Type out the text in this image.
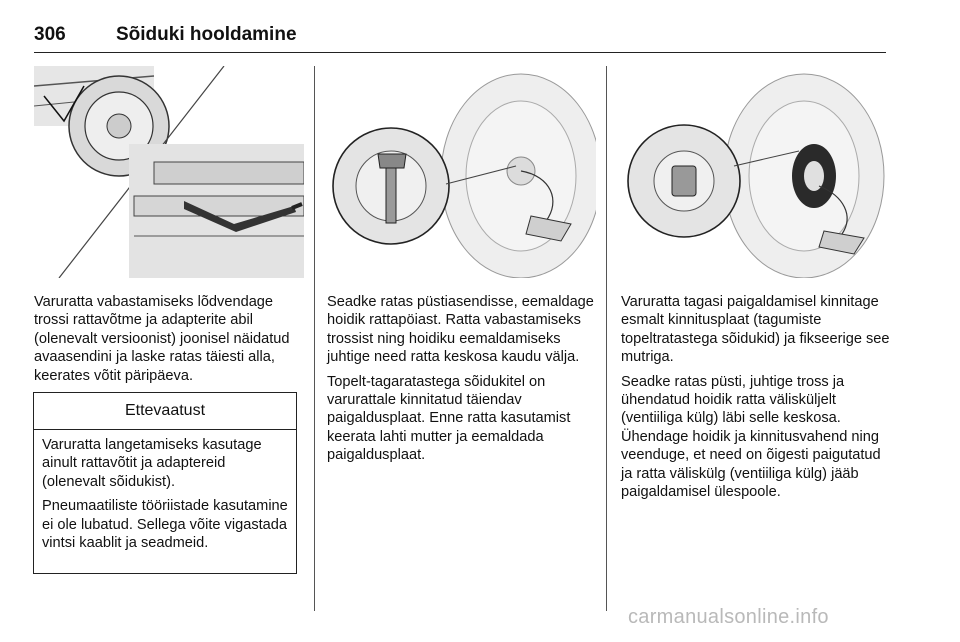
306	Sõiduki hooldamine

Varuratta vabastamiseks lõdvendage trossi rattavõtme ja adapterite abil (olenevalt versioonist) joonisel näidatud avaasendini ja laske ratas täiesti alla, keerates võtit päripäeva.

Ettevaatust

Varuratta langetamiseks kasutage ainult rattavõtit ja adaptereid (olenevalt sõidukist).

Pneumaatiliste tööriistade kasutamine ei ole lubatud. Sellega võite vigastada vintsi kaablit ja seadmeid.

Seadke ratas püstiasendisse, eemaldage hoidik rattapöiast. Ratta vabastamiseks trossist ning hoidiku eemaldamiseks juhtige need ratta keskosa kaudu välja.

Topelt-tagaratastega sõidukitel on varurattale kinnitatud täiendav paigaldusplaat. Enne ratta kasutamist keerata lahti mutter ja eemaldada paigaldusplaat.

Varuratta tagasi paigaldamisel kinnitage esmalt kinnitusplaat (tagumiste topeltratastega sõidukid) ja fikseerige see mutriga.

Seadke ratas püsti, juhtige tross ja ühendatud hoidik ratta välisküljelt (ventiiliga külg) läbi selle keskosa. Ühendage hoidik ja kinnitusvahend ning veenduge, et need on õigesti paigutatud ja ratta väliskülg (ventiiliga külg) jääb paigaldamisel ülespoole.

carmanualsonline.info
